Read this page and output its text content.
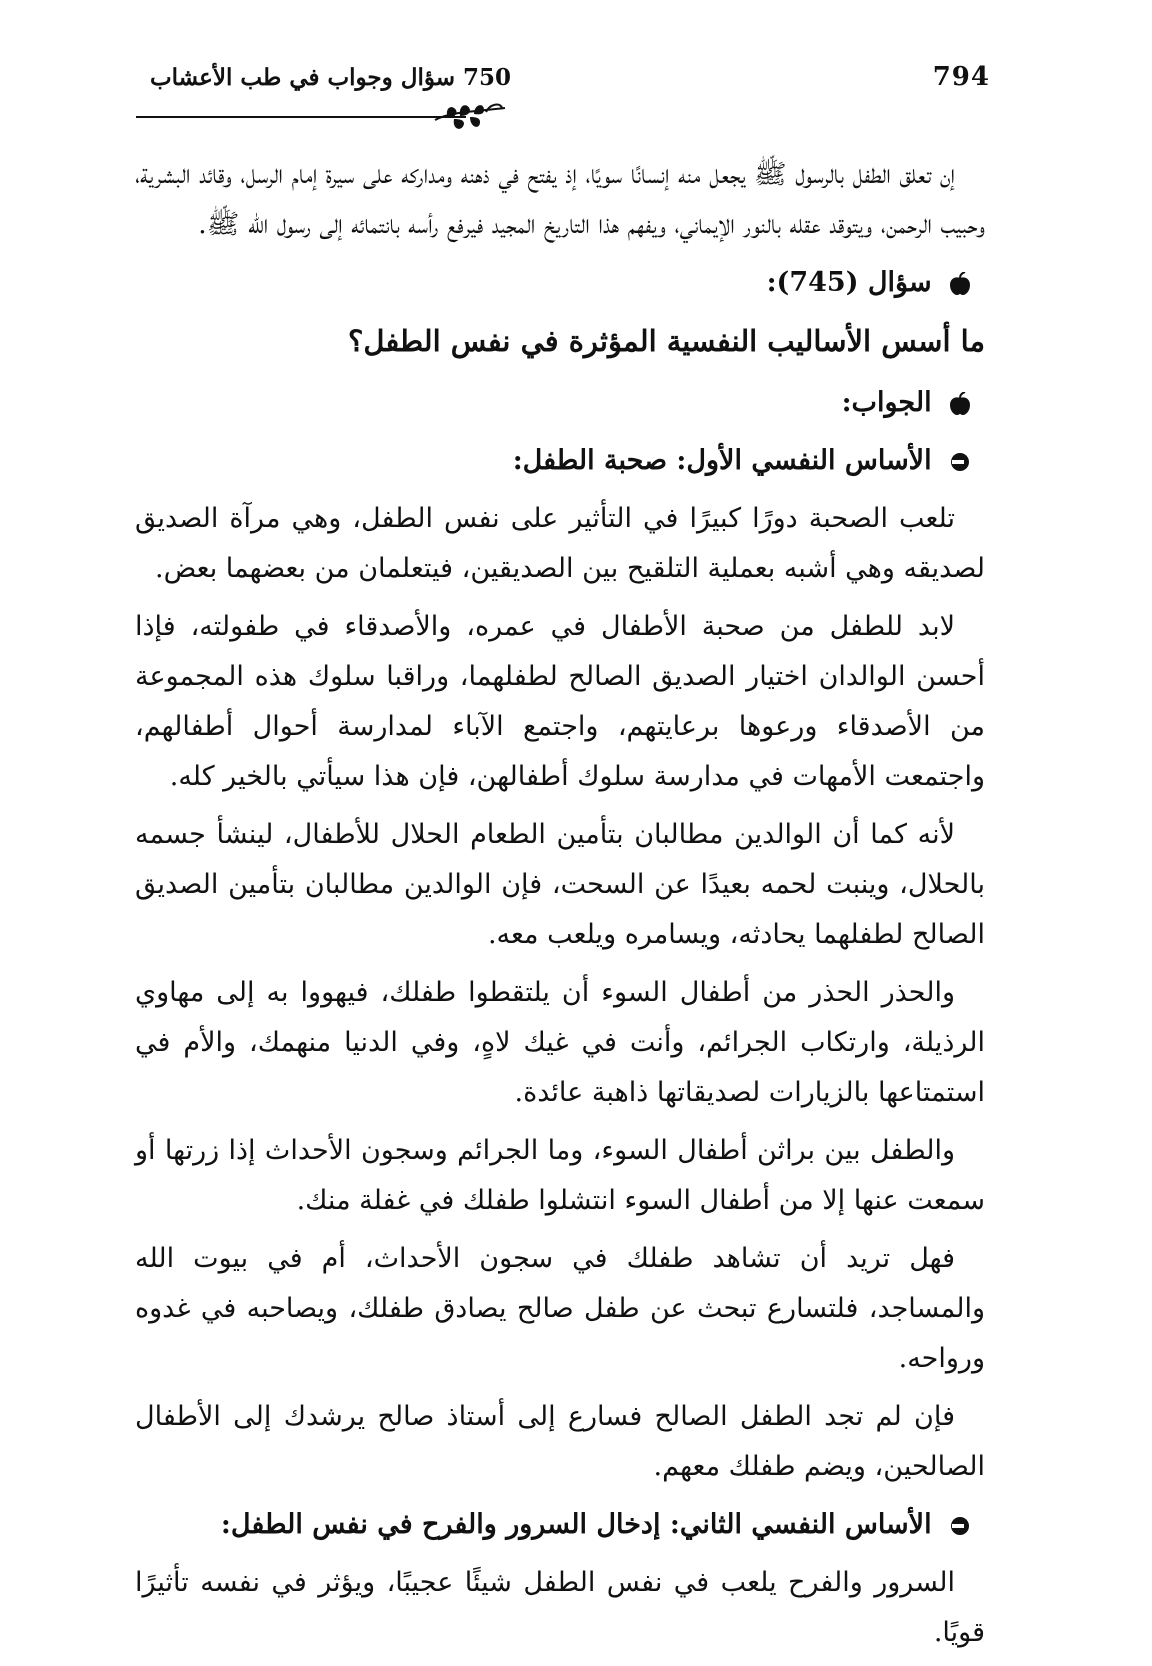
794
750 سؤال وجواب في طب الأعشاب

إن تعلق الطفل بالرسول ﷺ يجعل منه إنسانًا سويًا، إذ يفتح في ذهنه ومداركه على سيرة إمام الرسل، وقائد البشرية، وحبيب الرحمن، ويتوقد عقله بالنور الإيماني، ويفهم هذا التاريخ المجيد فيرفع رأسه بانتمائه إلى رسول الله ﷺ.

سؤال (745):
ما أسس الأساليب النفسية المؤثرة في نفس الطفل؟
الجواب:
الأساس النفسي الأول: صحبة الطفل:

تلعب الصحبة دورًا كبيرًا في التأثير على نفس الطفل، وهي مرآة الصديق لصديقه وهي أشبه بعملية التلقيح بين الصديقين، فيتعلمان من بعضهما بعض.

لابد للطفل من صحبة الأطفال في عمره، والأصدقاء في طفولته، فإذا أحسن الوالدان اختيار الصديق الصالح لطفلهما، وراقبا سلوك هذه المجموعة من الأصدقاء ورعوها برعايتهم، واجتمع الآباء لمدارسة أحوال أطفالهم، واجتمعت الأمهات في مدارسة سلوك أطفالهن، فإن هذا سيأتي بالخير كله.

لأنه كما أن الوالدين مطالبان بتأمين الطعام الحلال للأطفال، لينشأ جسمه بالحلال، وينبت لحمه بعيدًا عن السحت، فإن الوالدين مطالبان بتأمين الصديق الصالح لطفلهما يحادثه، ويسامره ويلعب معه.

والحذر الحذر من أطفال السوء أن يلتقطوا طفلك، فيهووا به إلى مهاوي الرذيلة، وارتكاب الجرائم، وأنت في غيك لاهٍ، وفي الدنيا منهمك، والأم في استمتاعها بالزيارات لصديقاتها ذاهبة عائدة.

والطفل بين براثن أطفال السوء، وما الجرائم وسجون الأحداث إذا زرتها أو سمعت عنها إلا من أطفال السوء انتشلوا طفلك في غفلة منك.

فهل تريد أن تشاهد طفلك في سجون الأحداث، أم في بيوت الله والمساجد، فلتسارع تبحث عن طفل صالح يصادق طفلك، ويصاحبه في غدوه ورواحه.

فإن لم تجد الطفل الصالح فسارع إلى أستاذ صالح يرشدك إلى الأطفال الصالحين، ويضم طفلك معهم.

الأساس النفسي الثاني: إدخال السرور والفرح في نفس الطفل:

السرور والفرح يلعب في نفس الطفل شيئًا عجيبًا، ويؤثر في نفسه تأثيرًا قويًا.
